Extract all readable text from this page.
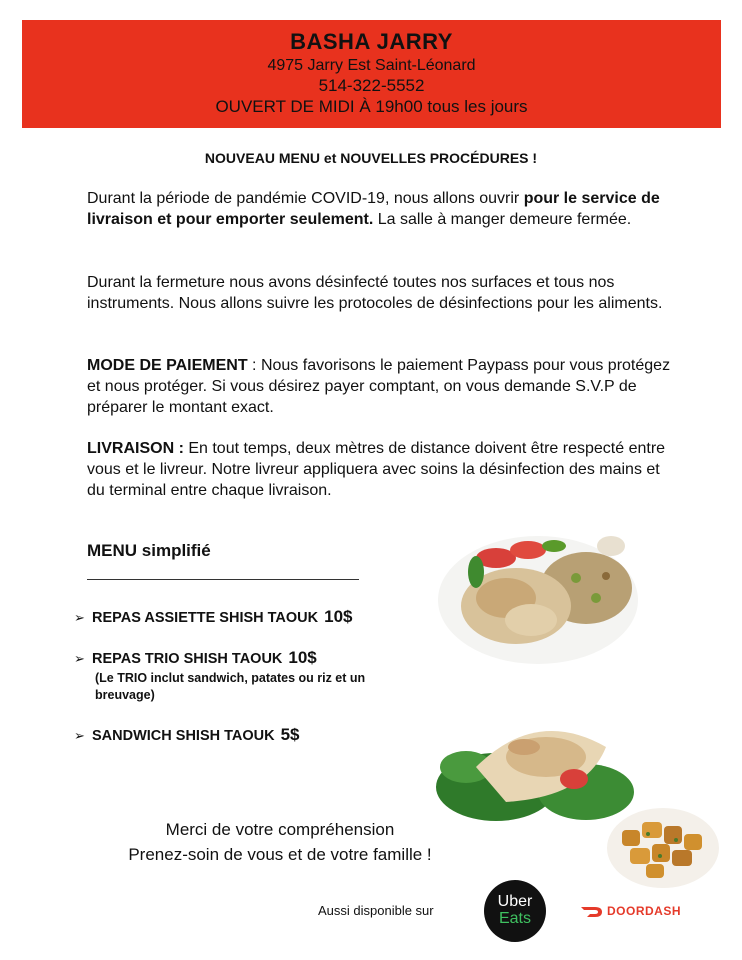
BASHA JARRY
4975 Jarry Est Saint-Léonard
514-322-5552
OUVERT DE MIDI À 19h00 tous les jours
NOUVEAU MENU et NOUVELLES PROCÉDURES !
Durant la période de pandémie COVID-19, nous allons ouvrir pour le service de livraison et pour emporter seulement. La salle à manger demeure fermée.
Durant la fermeture nous avons désinfecté toutes nos surfaces et tous nos instruments. Nous allons suivre les protocoles de désinfections pour les aliments.
MODE DE PAIEMENT : Nous favorisons le paiement Paypass pour vous protégez et nous protéger. Si vous désirez payer comptant, on vous demande S.V.P de préparer le montant exact.
LIVRAISON : En tout temps, deux mètres de distance doivent être respecté entre vous et le livreur. Notre livreur appliquera avec soins la désinfection des mains et du terminal entre chaque livraison.
MENU simplifié
➢ REPAS ASSIETTE SHISH TAOUK 10$
➢ REPAS TRIO SHISH TAOUK 10$
(Le TRIO inclut sandwich, patates ou riz et un breuvage)
➢ SANDWICH SHISH TAOUK 5$
Merci de votre compréhension
Prenez-soin de vous et de votre famille !
Aussi disponible sur
Uber
Eats	DOORDASH
